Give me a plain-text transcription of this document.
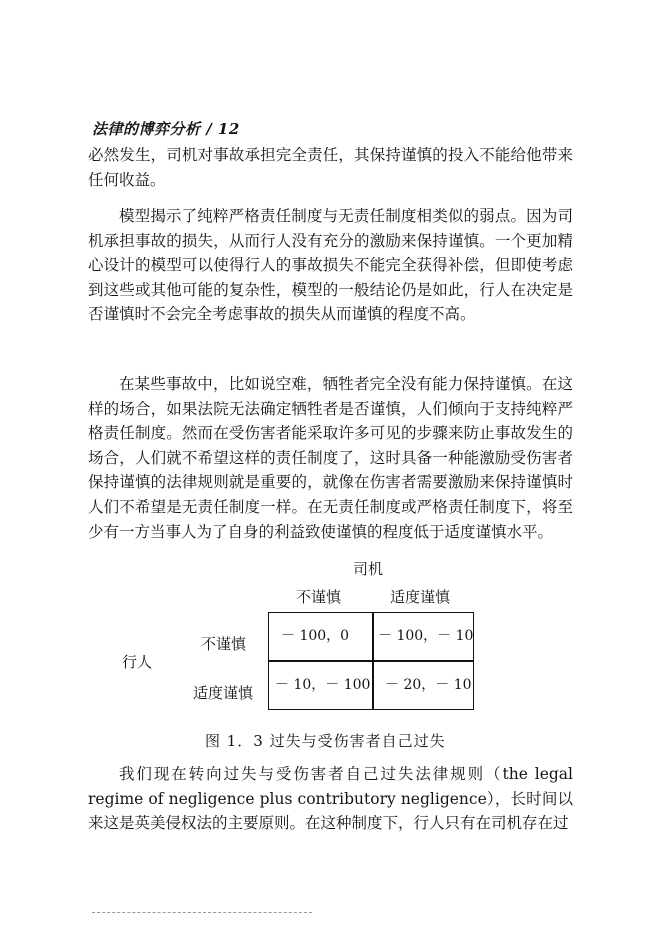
法律的博弈分析 / 12

必然发生，司机对事故承担完全责任，其保持谨慎的投入不能给他带来任何收益。

模型揭示了纯粹严格责任制度与无责任制度相类似的弱点。因为司机承担事故的损失，从而行人没有充分的激励来保持谨慎。一个更加精心设计的模型可以使得行人的事故损失不能完全获得补偿，但即使考虑到这些或其他可能的复杂性，模型的一般结论仍是如此，行人在决定是否谨慎时不会完全考虑事故的损失从而谨慎的程度不高。

在某些事故中，比如说空难，牺牲者完全没有能力保持谨慎。在这样的场合，如果法院无法确定牺牲者是否谨慎，人们倾向于支持纯粹严格责任制度。然而在受伤害者能采取许多可见的步骤来防止事故发生的场合，人们就不希望这样的责任制度了，这时具备一种能激励受伤害者保持谨慎的法律规则就是重要的，就像在伤害者需要激励来保持谨慎时人们不希望是无责任制度一样。在无责任制度或严格责任制度下，将至少有一方当事人为了自身的利益致使谨慎的程度低于适度谨慎水平。

司机
不谨慎	适度谨慎
行人
不谨慎
适度谨慎
－ 100，0 － 100，－ 10
－ 10，－ 100 － 20，－ 10
图 1．3 过失与受伤害者自己过失

我们现在转向过失与受伤害者自己过失法律规则（the legal regime of negligence plus contributory negligence），长时间以来这是英美侵权法的主要原则。在这种制度下，行人只有在司机存在过
